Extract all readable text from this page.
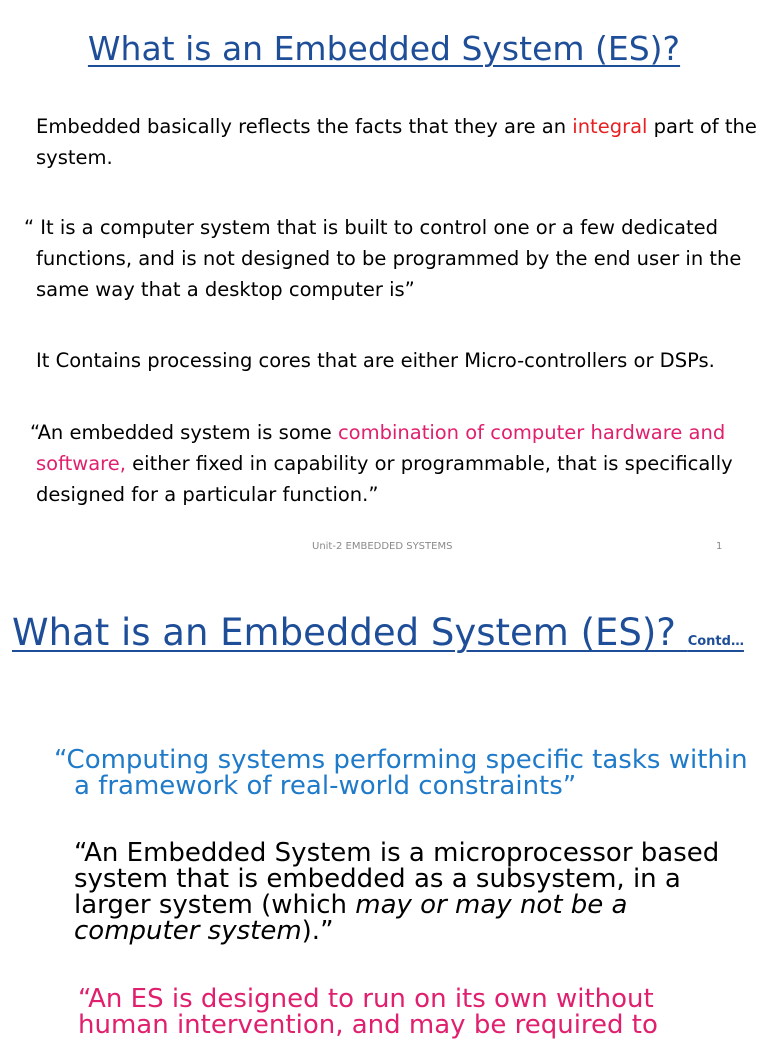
What is an Embedded System (ES)?

Embedded basically reflects the facts that they are an integral part of the system.

“ It is a computer system that is built to control one or a few dedicated functions, and is not designed to be programmed by the end user in the same way that a desktop computer is”

It Contains processing cores that are either Micro-controllers or DSPs.

“An embedded system is some combination of computer hardware and software, either fixed in capability or programmable, that is specifically designed for a particular function.”

Unit-2 EMBEDDED SYSTEMS	1
What is an Embedded System (ES)? Contd…

“Computing systems performing specific tasks within a framework of real-world constraints”

“An Embedded System is a microprocessor based system that is embedded as a subsystem, in a larger system (which may or may not be a computer system).”

“An ES is designed to run on its own without human intervention, and may be required to
